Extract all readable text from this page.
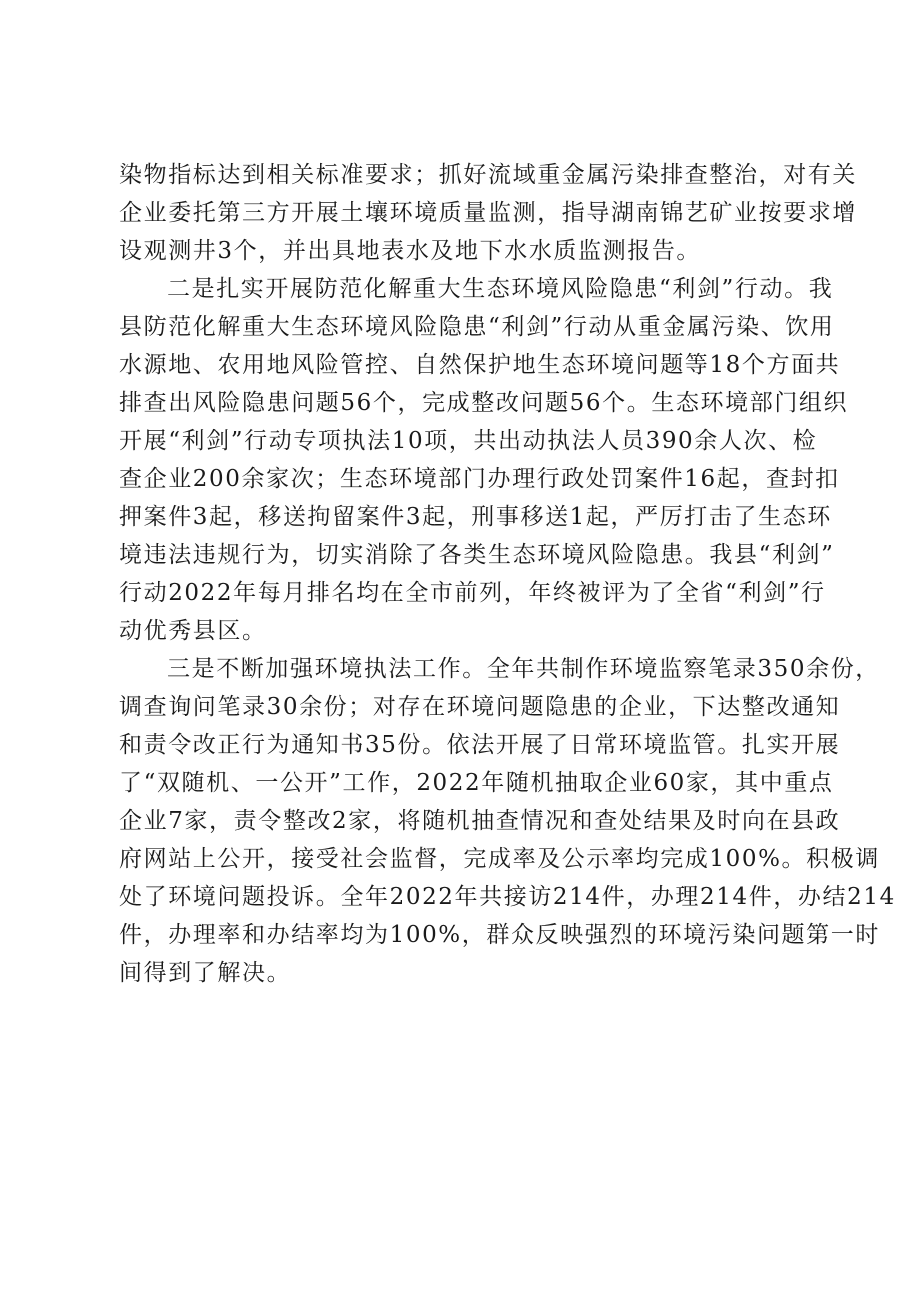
染物指标达到相关标准要求；抓好流域重金属污染排查整治，对有关
企业委托第三方开展土壤环境质量监测，指导湖南锦艺矿业按要求增
设观测井3个，并出具地表水及地下水水质监测报告。
二是扎实开展防范化解重大生态环境风险隐患“利剑”行动。我
县防范化解重大生态环境风险隐患“利剑”行动从重金属污染、饮用
水源地、农用地风险管控、自然保护地生态环境问题等18个方面共
排查出风险隐患问题56个，完成整改问题56个。生态环境部门组织
开展“利剑”行动专项执法10项，共出动执法人员390余人次、检
查企业200余家次；生态环境部门办理行政处罚案件16起，查封扣
押案件3起，移送拘留案件3起，刑事移送1起，严厉打击了生态环
境违法违规行为，切实消除了各类生态环境风险隐患。我县“利剑”
行动2022年每月排名均在全市前列，年终被评为了全省“利剑”行
动优秀县区。
三是不断加强环境执法工作。全年共制作环境监察笔录350余份，
调查询问笔录30余份；对存在环境问题隐患的企业，下达整改通知
和责令改正行为通知书35份。依法开展了日常环境监管。扎实开展
了“双随机、一公开”工作，2022年随机抽取企业60家，其中重点
企业7家，责令整改2家，将随机抽查情况和查处结果及时向在县政
府网站上公开，接受社会监督，完成率及公示率均完成100%。积极调
处了环境问题投诉。全年2022年共接访214件，办理214件，办结214
件，办理率和办结率均为100%，群众反映强烈的环境污染问题第一时
间得到了解决。
